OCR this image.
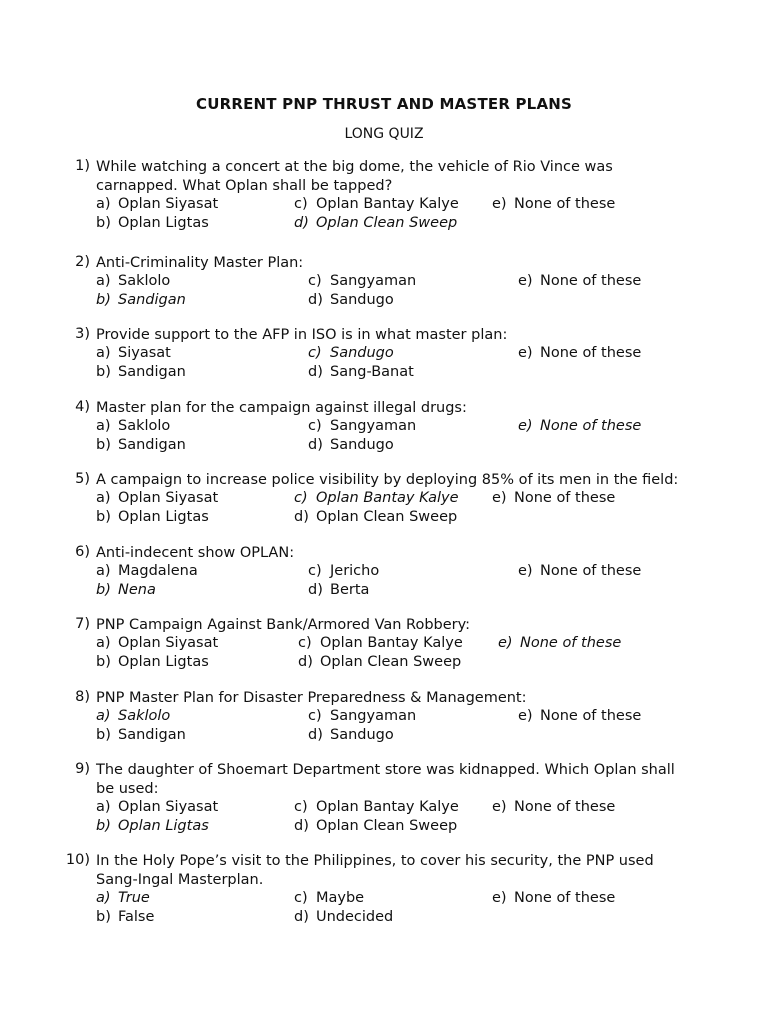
CURRENT PNP THRUST AND MASTER PLANS
LONG QUIZ
1) While watching a concert at the big dome, the vehicle of Rio Vince was
carnapped. What Oplan shall be tapped?
a) Oplan Siyasat	c) Oplan Bantay Kalye e) None of these
b) Oplan Ligtas	d) Oplan Clean Sweep
2) Anti-Criminality Master Plan:
a) Saklolo	c) Sangyaman	e) None of these
b) Sandigan	d) Sandugo
3) Provide support to the AFP in ISO is in what master plan:
a) Siyasat	c) Sandugo	e) None of these
b) Sandigan	d) Sang-Banat
4) Master plan for the campaign against illegal drugs:
a) Saklolo	c) Sangyaman	e) None of these
b) Sandigan	d) Sandugo
5) A campaign to increase police visibility by deploying 85% of its men in the field:
a) Oplan Siyasat	c) Oplan Bantay Kalye e) None of these
b) Oplan Ligtas	d) Oplan Clean Sweep
6) Anti-indecent show OPLAN:
a) Magdalena	c) Jericho	e) None of these
b) Nena	d) Berta
7) PNP Campaign Against Bank/Armored Van Robbery:
a) Oplan Siyasat	c) Oplan Bantay Kalye e) None of these
b) Oplan Ligtas	d) Oplan Clean Sweep
8) PNP Master Plan for Disaster Preparedness & Management:
a) Saklolo	c) Sangyaman	e) None of these
b) Sandigan	d) Sandugo
9) The daughter of Shoemart Department store was kidnapped. Which Oplan shall
be used:
a) Oplan Siyasat	c) Oplan Bantay Kalye e) None of these
b) Oplan Ligtas	d) Oplan Clean Sweep
10) In the Holy Pope’s visit to the Philippines, to cover his security, the PNP used
Sang-Ingal Masterplan.
a) True	c) Maybe	e) None of these
b) False	d) Undecided
